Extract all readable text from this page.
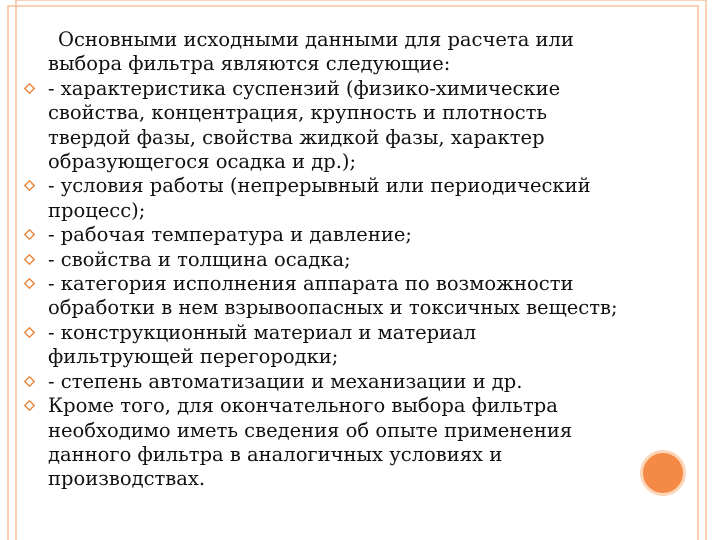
Основными исходными данными для расчета или выбора фильтра являются следующие:

- характеристика суспензий (физико-химические свойства, концентрация, крупность и плотность твердой фазы, свойства жидкой фазы, характер образующегося осадка и др.);
- условия работы (непрерывный или периодический процесс);
- рабочая температура и давление;
- свойства и толщина осадка;
- категория исполнения аппарата по возможности обработки в нем взрывоопасных и токсичных веществ;
- конструкционный материал и материал фильтрующей перегородки;
- степень автоматизации и механизации и др.
Кроме того, для окончательного выбора фильтра необходимо иметь сведения об опыте применения данного фильтра в аналогичных условиях и производствах.
